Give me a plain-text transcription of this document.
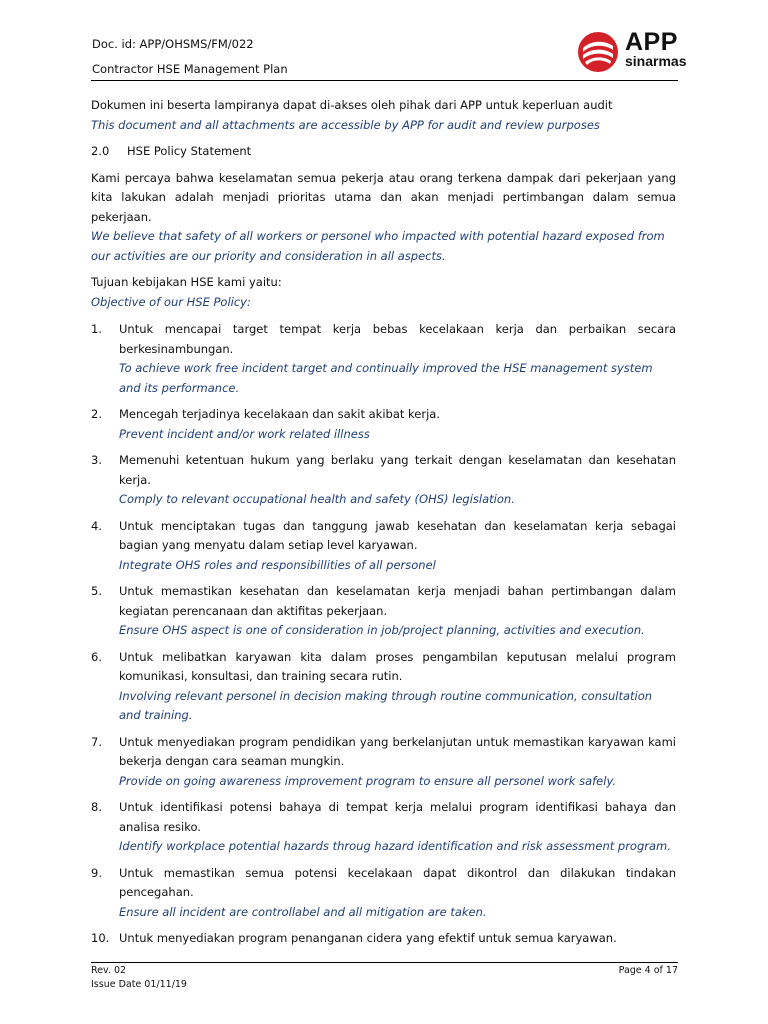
Doc. id: APP/OHSMS/FM/022
Contractor HSE Management Plan
APP
sinarmas

Dokumen ini beserta lampiranya dapat di-akses oleh pihak dari APP untuk keperluan audit

This document and all attachments are accessible by APP for audit and review purposes

2.0	HSE Policy Statement

Kami percaya bahwa keselamatan semua pekerja atau orang terkena dampak dari pekerjaan yang kita lakukan adalah menjadi prioritas utama dan akan menjadi pertimbangan dalam semua pekerjaan.

We believe that safety of all workers or personel who impacted with potential hazard exposed from our activities are our priority and consideration in all aspects.

Tujuan kebijakan HSE kami yaitu:

Objective of our HSE Policy:

1.	Untuk mencapai target tempat kerja bebas kecelakaan kerja dan perbaikan secara berkesinambungan.

To achieve work free incident target and continually improved the HSE management system and its performance.

2.	Mencegah terjadinya kecelakaan dan sakit akibat kerja.

Prevent incident and/or work related illness

3.	Memenuhi ketentuan hukum yang berlaku yang terkait dengan keselamatan dan kesehatan kerja.

Comply to relevant occupational health and safety (OHS) legislation.

4.	Untuk menciptakan tugas dan tanggung jawab kesehatan dan keselamatan kerja sebagai bagian yang menyatu dalam setiap level karyawan.

Integrate OHS roles and responsibillities of all personel

5.	Untuk memastikan kesehatan dan keselamatan kerja menjadi bahan pertimbangan dalam kegiatan perencanaan dan aktifitas pekerjaan.

Ensure OHS aspect is one of consideration in job/project planning, activities and execution.

6.	Untuk melibatkan karyawan kita dalam proses pengambilan keputusan melalui program komunikasi, konsultasi, dan training secara rutin.

Involving relevant personel in decision making through routine communication, consultation and training.

7.	Untuk menyediakan program pendidikan yang berkelanjutan untuk memastikan karyawan kami bekerja dengan cara seaman mungkin.

Provide on going awareness improvement program to ensure all personel work safely.

8.	Untuk identifikasi potensi bahaya di tempat kerja melalui program identifikasi bahaya dan analisa resiko.

Identify workplace potential hazards throug hazard identification and risk assessment program.

9.	Untuk memastikan semua potensi kecelakaan dapat dikontrol dan dilakukan tindakan pencegahan.

Ensure all incident are controllabel and all mitigation are taken.

10. Untuk menyediakan program penanganan cidera yang efektif untuk semua karyawan.

Rev. 02
Issue Date 01/11/19
Page 4 of 17
